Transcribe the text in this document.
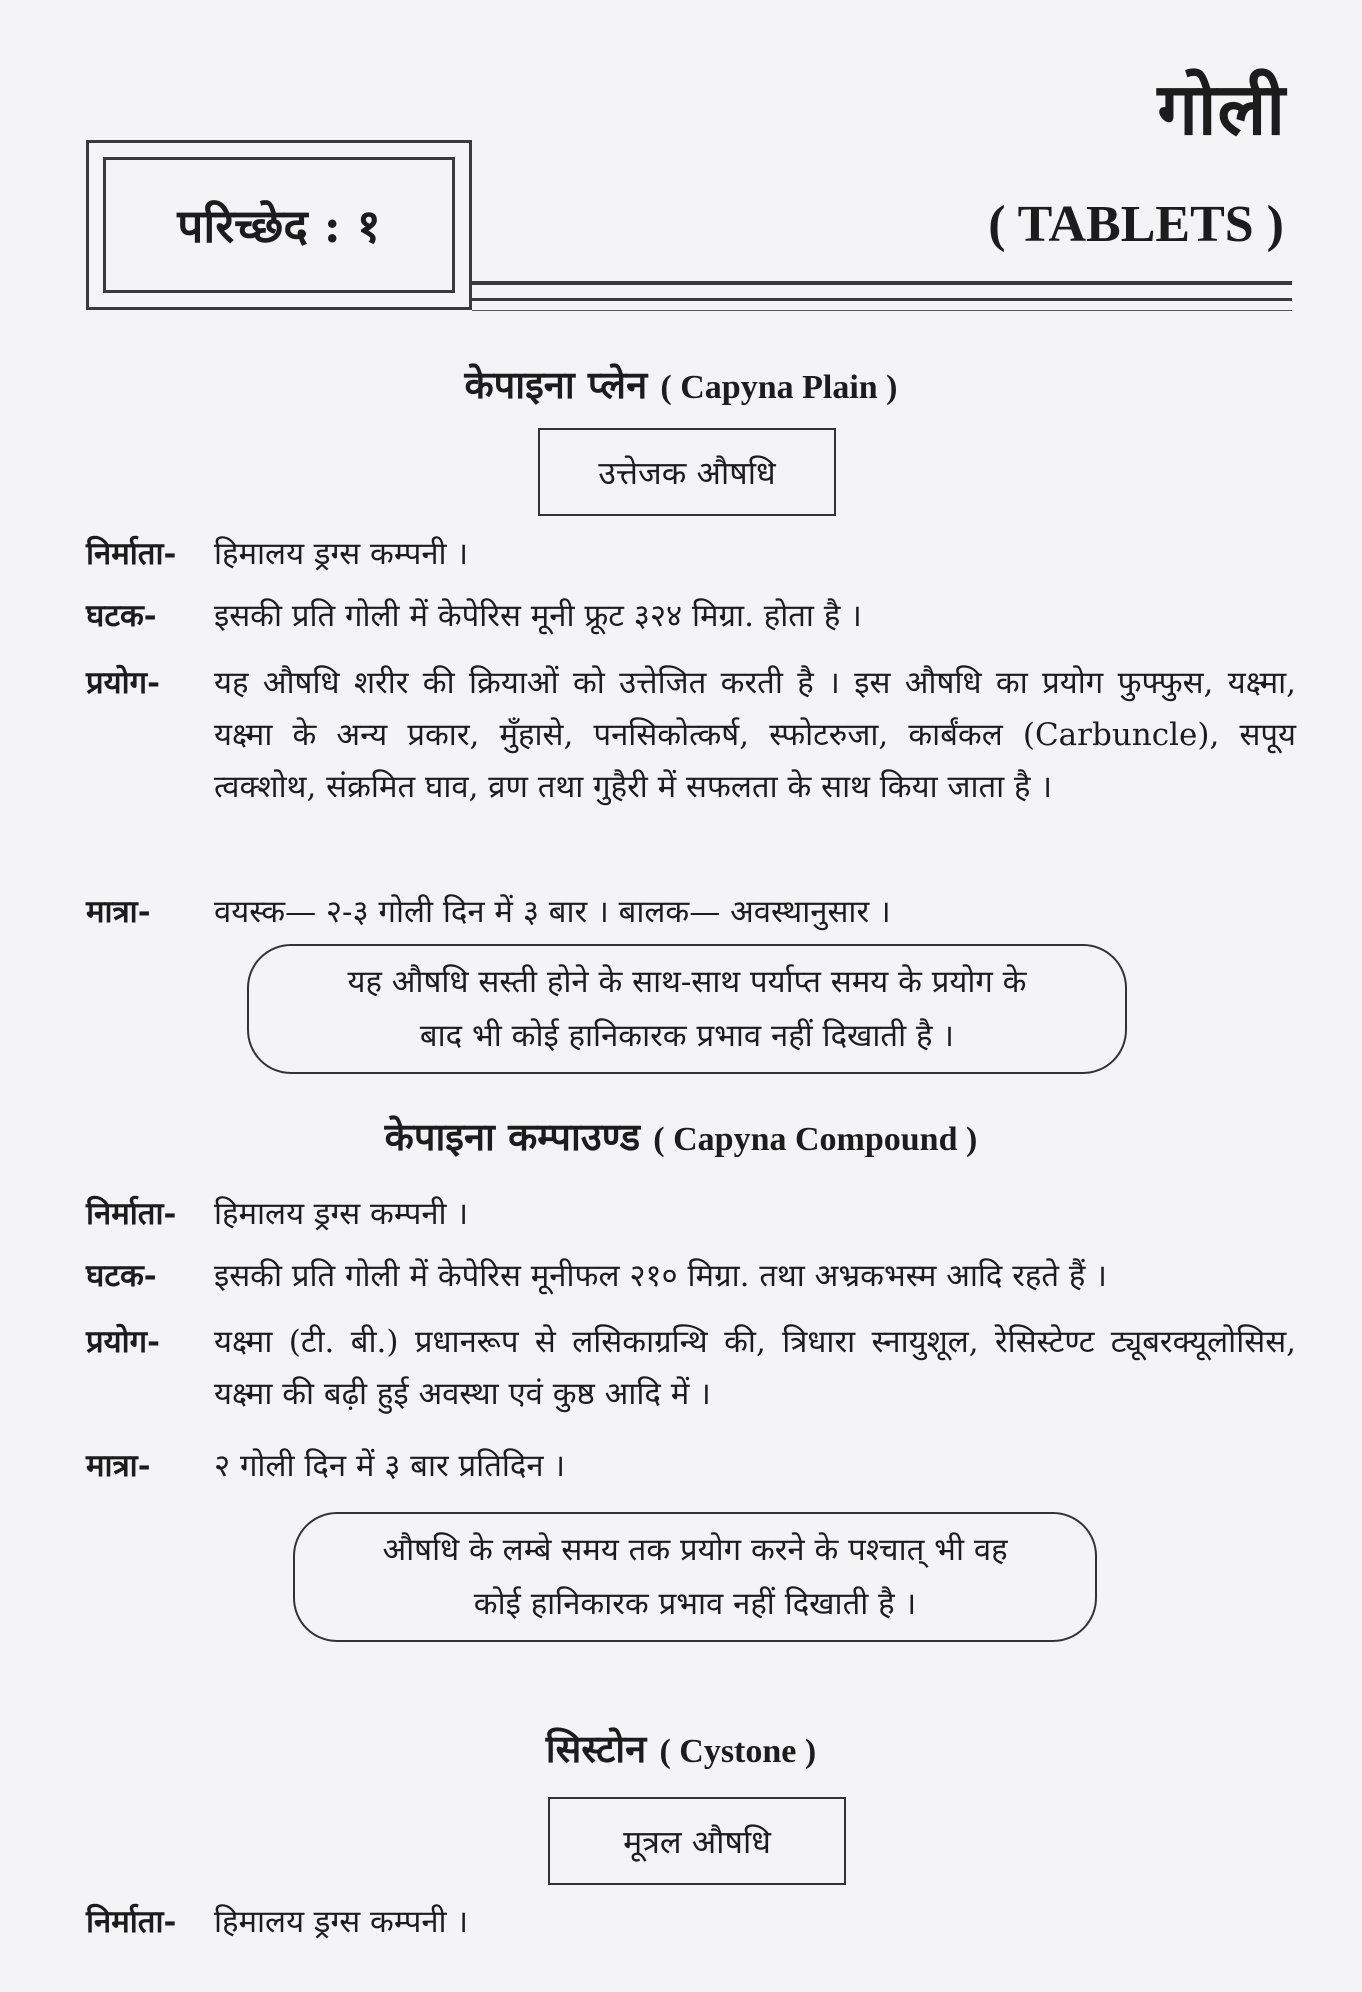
गोली
परिच्छेद : १	( TABLETS )
केपाइना प्लेन ( Capyna Plain )
उत्तेजक औषधि
निर्माता-	हिमालय ड्रग्स कम्पनी ।
घटक-	इसकी प्रति गोली में केपेरिस मूनी फ्रूट ३२४ मिग्रा. होता है ।
प्रयोग-	यह औषधि शरीर की क्रियाओं को उत्तेजित करती है । इस औषधि का प्रयोग फुफ्फुस, यक्ष्मा, यक्ष्मा के अन्य प्रकार, मुँहासे, पनसिकोत्कर्ष, स्फोटरुजा, कार्बंकल (Carbuncle), सपूय त्वक्शोथ, संक्रमित घाव, व्रण तथा गुहैरी में सफलता के साथ किया जाता है ।
मात्रा-	वयस्क— २-३ गोली दिन में ३ बार । बालक— अवस्थानुसार ।
यह औषधि सस्ती होने के साथ-साथ पर्याप्त समय के प्रयोग के
बाद भी कोई हानिकारक प्रभाव नहीं दिखाती है ।
केपाइना कम्पाउण्ड ( Capyna Compound )
निर्माता-	हिमालय ड्रग्स कम्पनी ।
घटक-	इसकी प्रति गोली में केपेरिस मूनीफल २१० मिग्रा. तथा अभ्रकभस्म आदि रहते हैं ।
प्रयोग-	यक्ष्मा (टी. बी.) प्रधानरूप से लसिकाग्रन्थि की, त्रिधारा स्नायुशूल, रेसिस्टेण्ट ट्यूबरक्यूलोसिस, यक्ष्मा की बढ़ी हुई अवस्था एवं कुष्ठ आदि में ।
मात्रा-	२ गोली दिन में ३ बार प्रतिदिन ।
औषधि के लम्बे समय तक प्रयोग करने के पश्चात् भी वह
कोई हानिकारक प्रभाव नहीं दिखाती है ।
सिस्टोन ( Cystone )
मूत्रल औषधि
निर्माता-	हिमालय ड्रग्स कम्पनी ।
